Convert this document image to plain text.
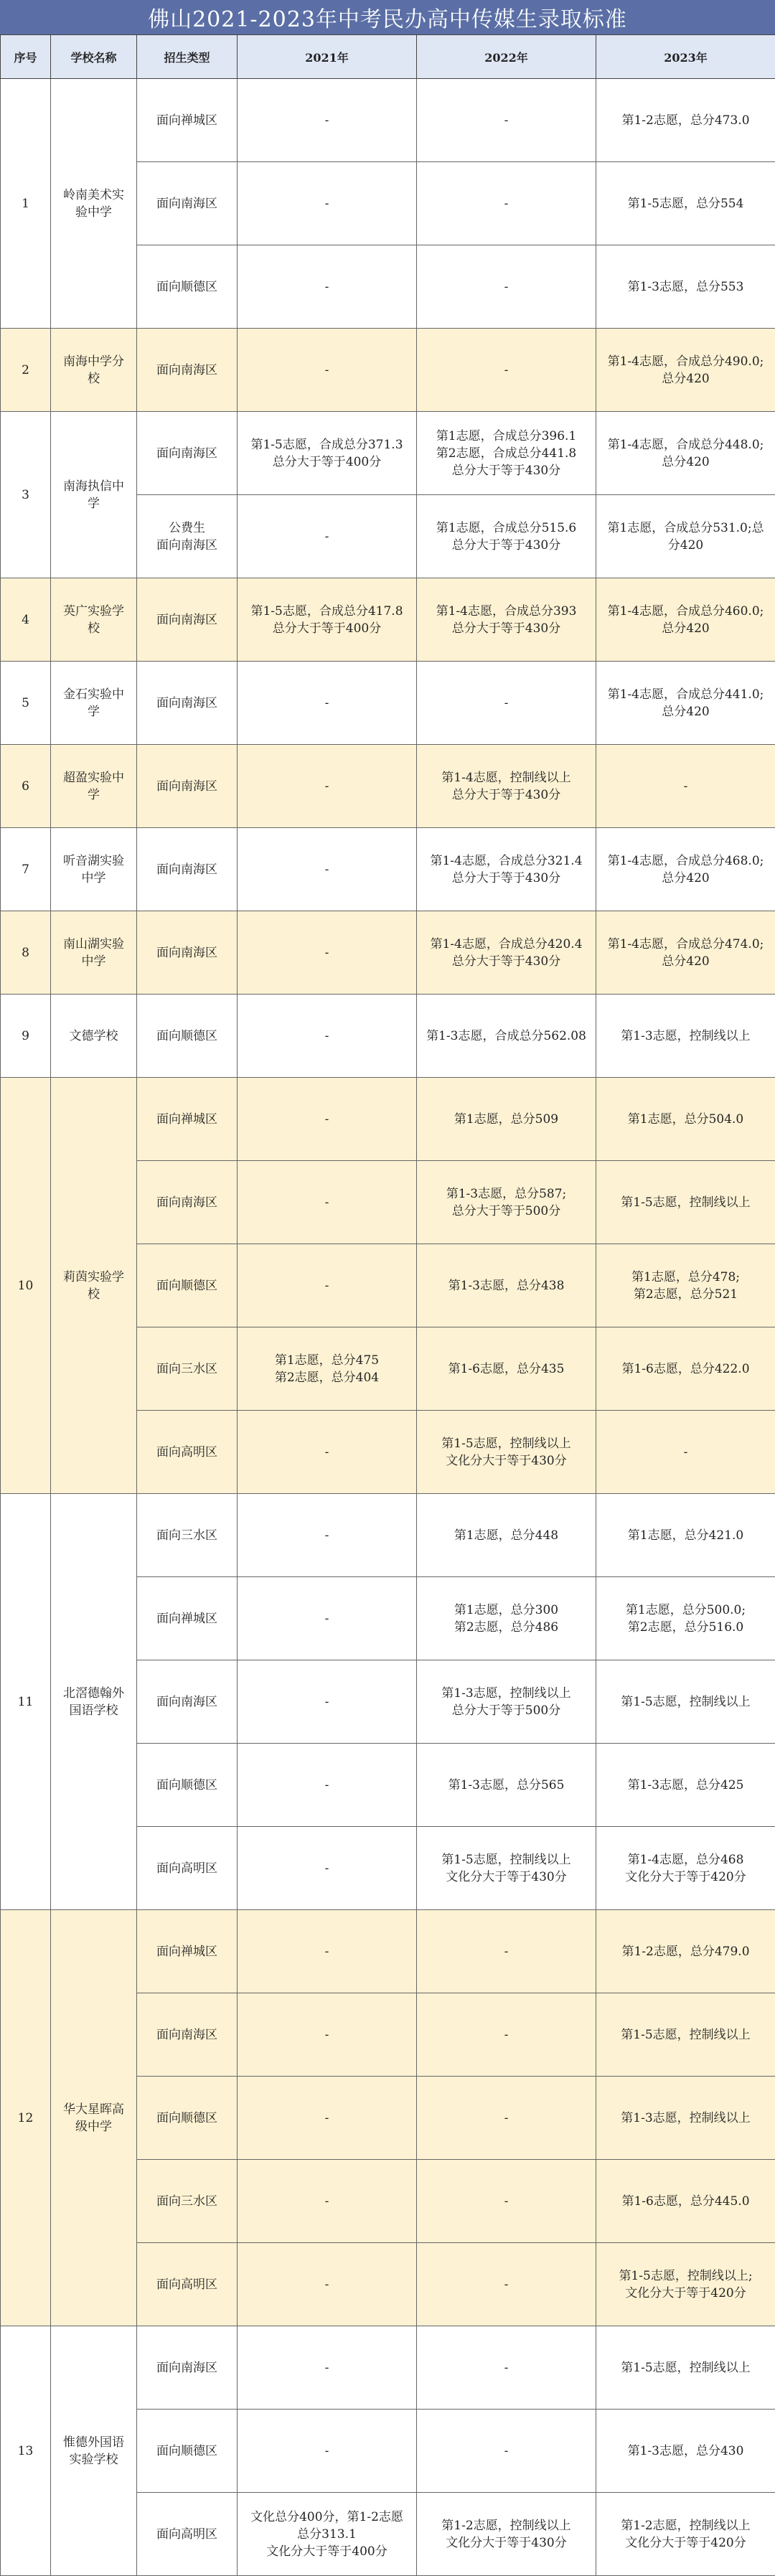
佛山2021-2023年中考民办高中传媒生录取标准
序号	学校名称	招生类型	2021年	2022年	2023年
1	岭南美术实
验中学	面向禅城区	-	-	第1-2志愿，总分473.0
		面向南海区	-	-	第1-5志愿，总分554
		面向顺德区	-	-	第1-3志愿，总分553
2	南海中学分
校	面向南海区	-	-	第1-4志愿，合成总分490.0;
总分420
3	南海执信中
学	面向南海区	第1-5志愿，合成总分371.3
总分大于等于400分	第1志愿，合成总分396.1
第2志愿，合成总分441.8
总分大于等于430分	第1-4志愿，合成总分448.0;
总分420
		公费生
面向南海区	-	第1志愿，合成总分515.6
总分大于等于430分	第1志愿，合成总分531.0;总
分420
4	英广实验学
校	面向南海区	第1-5志愿，合成总分417.8
总分大于等于400分	第1-4志愿，合成总分393
总分大于等于430分	第1-4志愿，合成总分460.0;
总分420
5	金石实验中
学	面向南海区	-	-	第1-4志愿，合成总分441.0;
总分420
6	超盈实验中
学	面向南海区	-	第1-4志愿，控制线以上
总分大于等于430分	-
7	听音湖实验
中学	面向南海区	-	第1-4志愿，合成总分321.4
总分大于等于430分	第1-4志愿，合成总分468.0;
总分420
8	南山湖实验
中学	面向南海区	-	第1-4志愿，合成总分420.4
总分大于等于430分	第1-4志愿，合成总分474.0;
总分420
9	文德学校	面向顺德区	-	第1-3志愿，合成总分562.08	第1-3志愿，控制线以上
10	莉茵实验学
校	面向禅城区	-	第1志愿，总分509	第1志愿，总分504.0
		面向南海区	-	第1-3志愿，总分587;
总分大于等于500分	第1-5志愿，控制线以上
		面向顺德区	-	第1-3志愿，总分438	第1志愿，总分478;
第2志愿，总分521
		面向三水区	第1志愿，总分475
第2志愿，总分404	第1-6志愿，总分435	第1-6志愿，总分422.0
		面向高明区	-	第1-5志愿，控制线以上
文化分大于等于430分	-
11	北滘德翰外
国语学校	面向三水区	-	第1志愿，总分448	第1志愿，总分421.0
		面向禅城区	-	第1志愿，总分300
第2志愿，总分486	第1志愿，总分500.0;
第2志愿，总分516.0
		面向南海区	-	第1-3志愿，控制线以上
总分大于等于500分	第1-5志愿，控制线以上
		面向顺德区	-	第1-3志愿，总分565	第1-3志愿，总分425
		面向高明区	-	第1-5志愿，控制线以上
文化分大于等于430分	第1-4志愿，总分468
文化分大于等于420分
12	华大星晖高
级中学	面向禅城区	-	-	第1-2志愿，总分479.0
		面向南海区	-	-	第1-5志愿，控制线以上
		面向顺德区	-	-	第1-3志愿，控制线以上
		面向三水区	-	-	第1-6志愿，总分445.0
		面向高明区	-	-	第1-5志愿，控制线以上;
文化分大于等于420分
13	惟德外国语
实验学校	面向南海区	-	-	第1-5志愿，控制线以上
		面向顺德区	-	-	第1-3志愿，总分430
		面向高明区	文化总分400分，第1-2志愿
总分313.1
文化分大于等于400分	第1-2志愿，控制线以上
文化分大于等于430分	第1-2志愿，控制线以上
文化分大于等于420分
